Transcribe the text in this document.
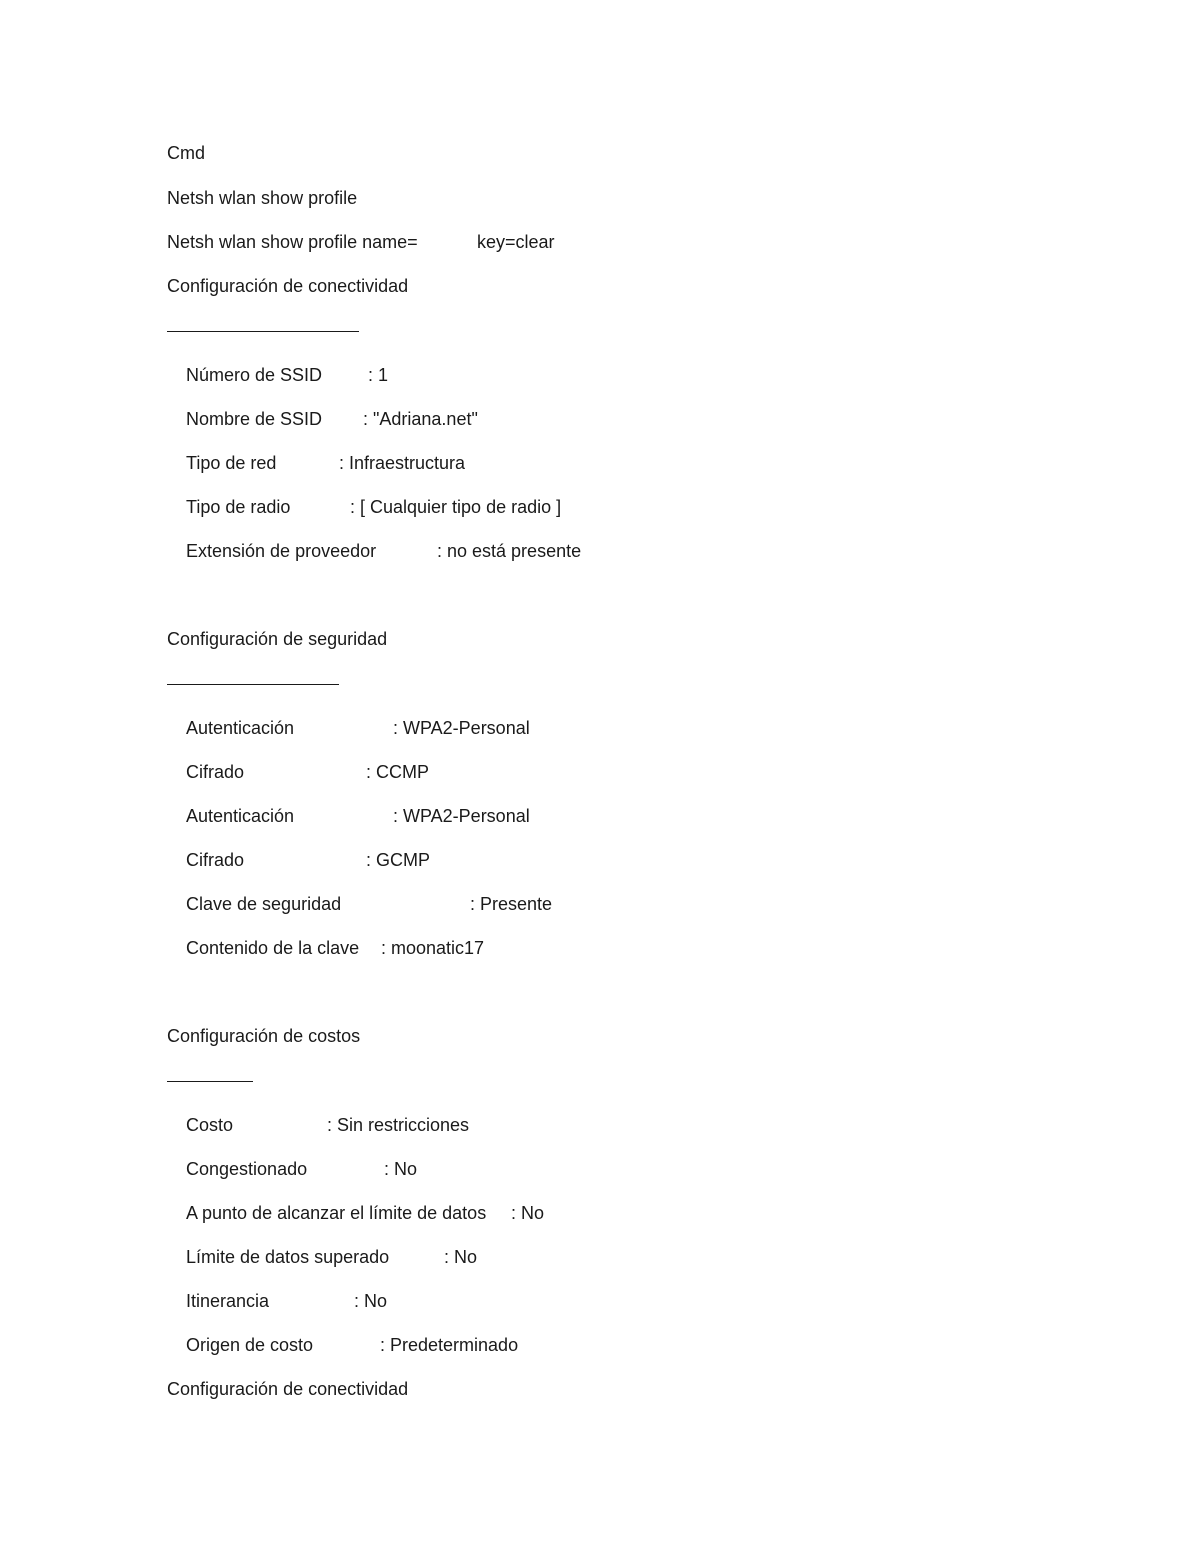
Cmd
Netsh wlan show profile

Netsh wlan show profile name=

	key=clear

Configuración de conectividad

Número de SSID

	: 1

Nombre de SSID

: "Adriana.net"

Tipo de red

	: Infraestructura

Tipo de radio

	: [ Cualquier tipo de radio ]

Extensión de proveedor

	: no está presente

Configuración de seguridad

Autenticación

	: WPA2-Personal

Cifrado

	: CCMP

Autenticación

	: WPA2-Personal

Cifrado

	: GCMP

Clave de seguridad

	: Presente

Contenido de la clave

: moonatic17

Configuración de costos

Costo

	: Sin restricciones

Congestionado

	: No

A punto de alcanzar el límite de datos

: No

Límite de datos superado

	: No

Itinerancia

	: No

Origen de costo

	: Predeterminado

Configuración de conectividad
